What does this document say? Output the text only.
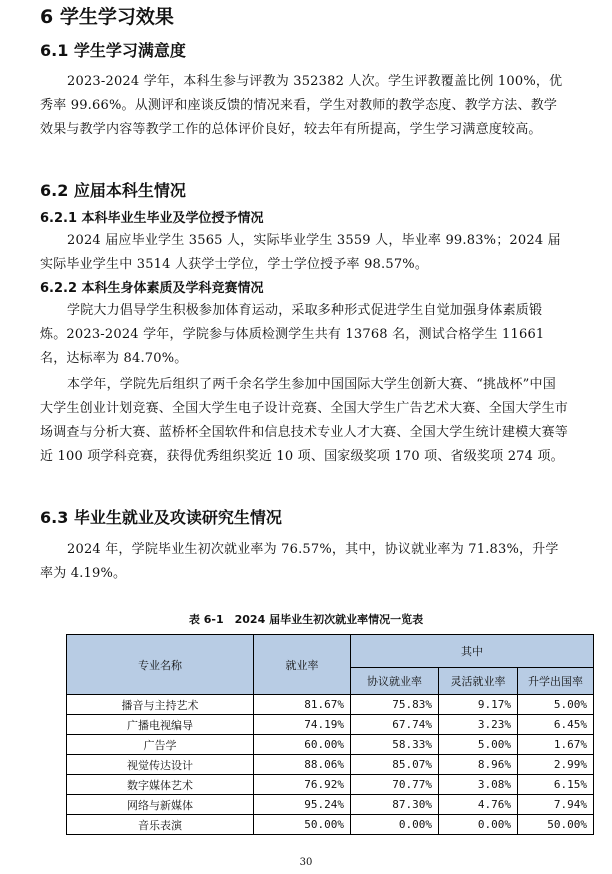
6 学生学习效果
6.1 学生学习满意度

2023-2024 学年，本科生参与评教为 352382 人次。学生评教覆盖比例 100%，优秀率 99.66%。从测评和座谈反馈的情况来看，学生对教师的教学态度、教学方法、教学效果与教学内容等教学工作的总体评价良好，较去年有所提高，学生学习满意度较高。

6.2 应届本科生情况
6.2.1 本科毕业生毕业及学位授予情况

2024 届应毕业学生 3565 人，实际毕业学生 3559 人，毕业率 99.83%；2024 届实际毕业学生中 3514 人获学士学位，学士学位授予率 98.57%。

6.2.2 本科生身体素质及学科竞赛情况

学院大力倡导学生积极参加体育运动，采取多种形式促进学生自觉加强身体素质锻炼。2023-2024 学年，学院参与体质检测学生共有 13768 名，测试合格学生 11661 名，达标率为 84.70%。

本学年，学院先后组织了两千余名学生参加中国国际大学生创新大赛、“挑战杯”中国大学生创业计划竞赛、全国大学生电子设计竞赛、全国大学生广告艺术大赛、全国大学生市场调查与分析大赛、蓝桥杯全国软件和信息技术专业人才大赛、全国大学生统计建模大赛等近 100 项学科竞赛，获得优秀组织奖近 10 项、国家级奖项 170 项、省级奖项 274 项。

6.3 毕业生就业及攻读研究生情况

2024 年，学院毕业生初次就业率为 76.57%，其中，协议就业率为 71.83%，升学率为 4.19%。

表 6-1　2024 届毕业生初次就业率情况一览表
专业名称	就业率	其中		
		协议就业率	灵活就业率	升学出国率
播音与主持艺术	81.67%	75.83%	9.17%	5.00%
广播电视编导	74.19%	67.74%	3.23%	6.45%
广告学	60.00%	58.33%	5.00%	1.67%
视觉传达设计	88.06%	85.07%	8.96%	2.99%
数字媒体艺术	76.92%	70.77%	3.08%	6.15%
网络与新媒体	95.24%	87.30%	4.76%	7.94%
音乐表演	50.00%	0.00%	0.00%	50.00%
30
